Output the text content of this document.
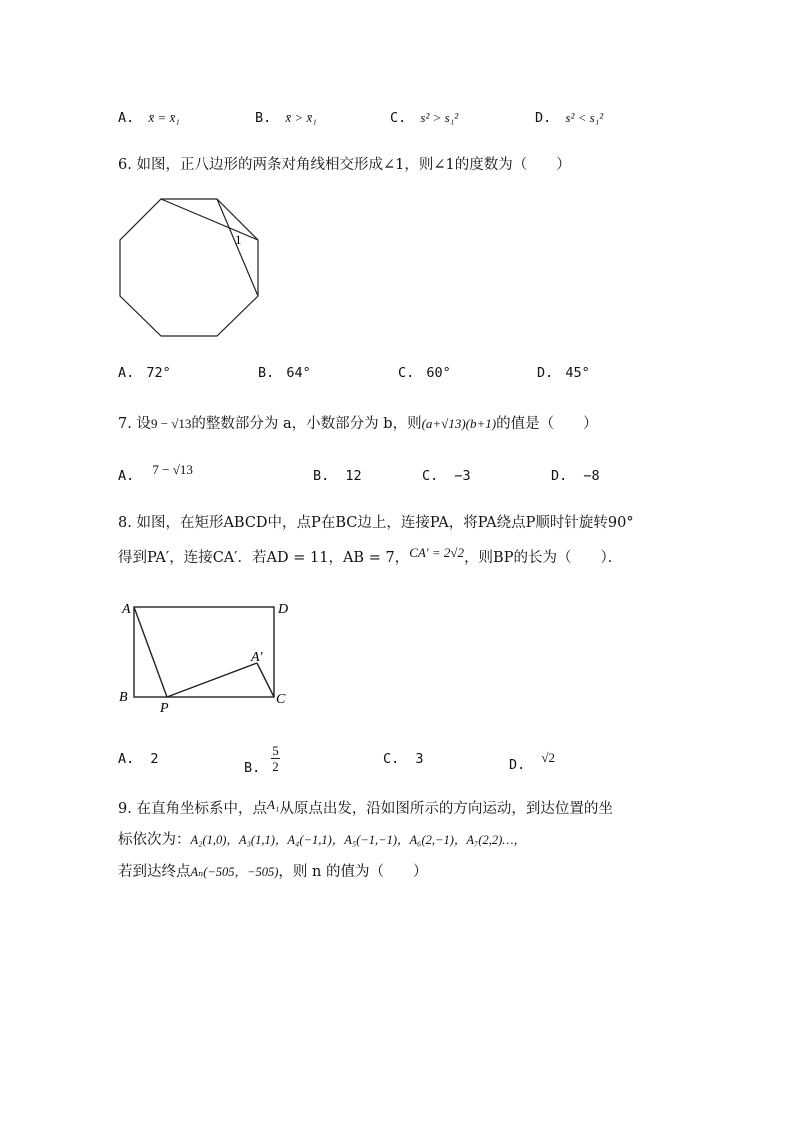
A. x̄ = x̄₁	B. x̄ > x̄₁	C. s² > s₁²	D. s² < s₁²
6. 如图，正八边形的两条对角线相交形成∠1，则∠1的度数为（　　）
1
A. 72°	B. 64°	C. 60°	D. 45°
7. 设9 − √13的整数部分为 a，小数部分为 b，则(a+√13)(b+1)的值是（　　）
A. 7 − √13	B. 12	C. −3	D. −8
8. 如图，在矩形ABCD中，点P在BC边上，连接PA，将PA绕点P顺时针旋转90°
得到PA′，连接CA′．若AD = 11，AB = 7，CA′ = 2√2，则BP的长为（　　）．
A	D
B	C
P
A′
A. 2
B.
5
2	C. 3	D. √2
9. 在直角坐标系中，点A₁从原点出发，沿如图所示的方向运动，到达位置的坐
标依次为：A₂(1,0)，A₃(1,1)，A₄(−1,1)，A₅(−1,−1)，A₆(2,−1)，A₇(2,2)…，
若到达终点Aₙ(−505，−505)，则 n 的值为（　　）
